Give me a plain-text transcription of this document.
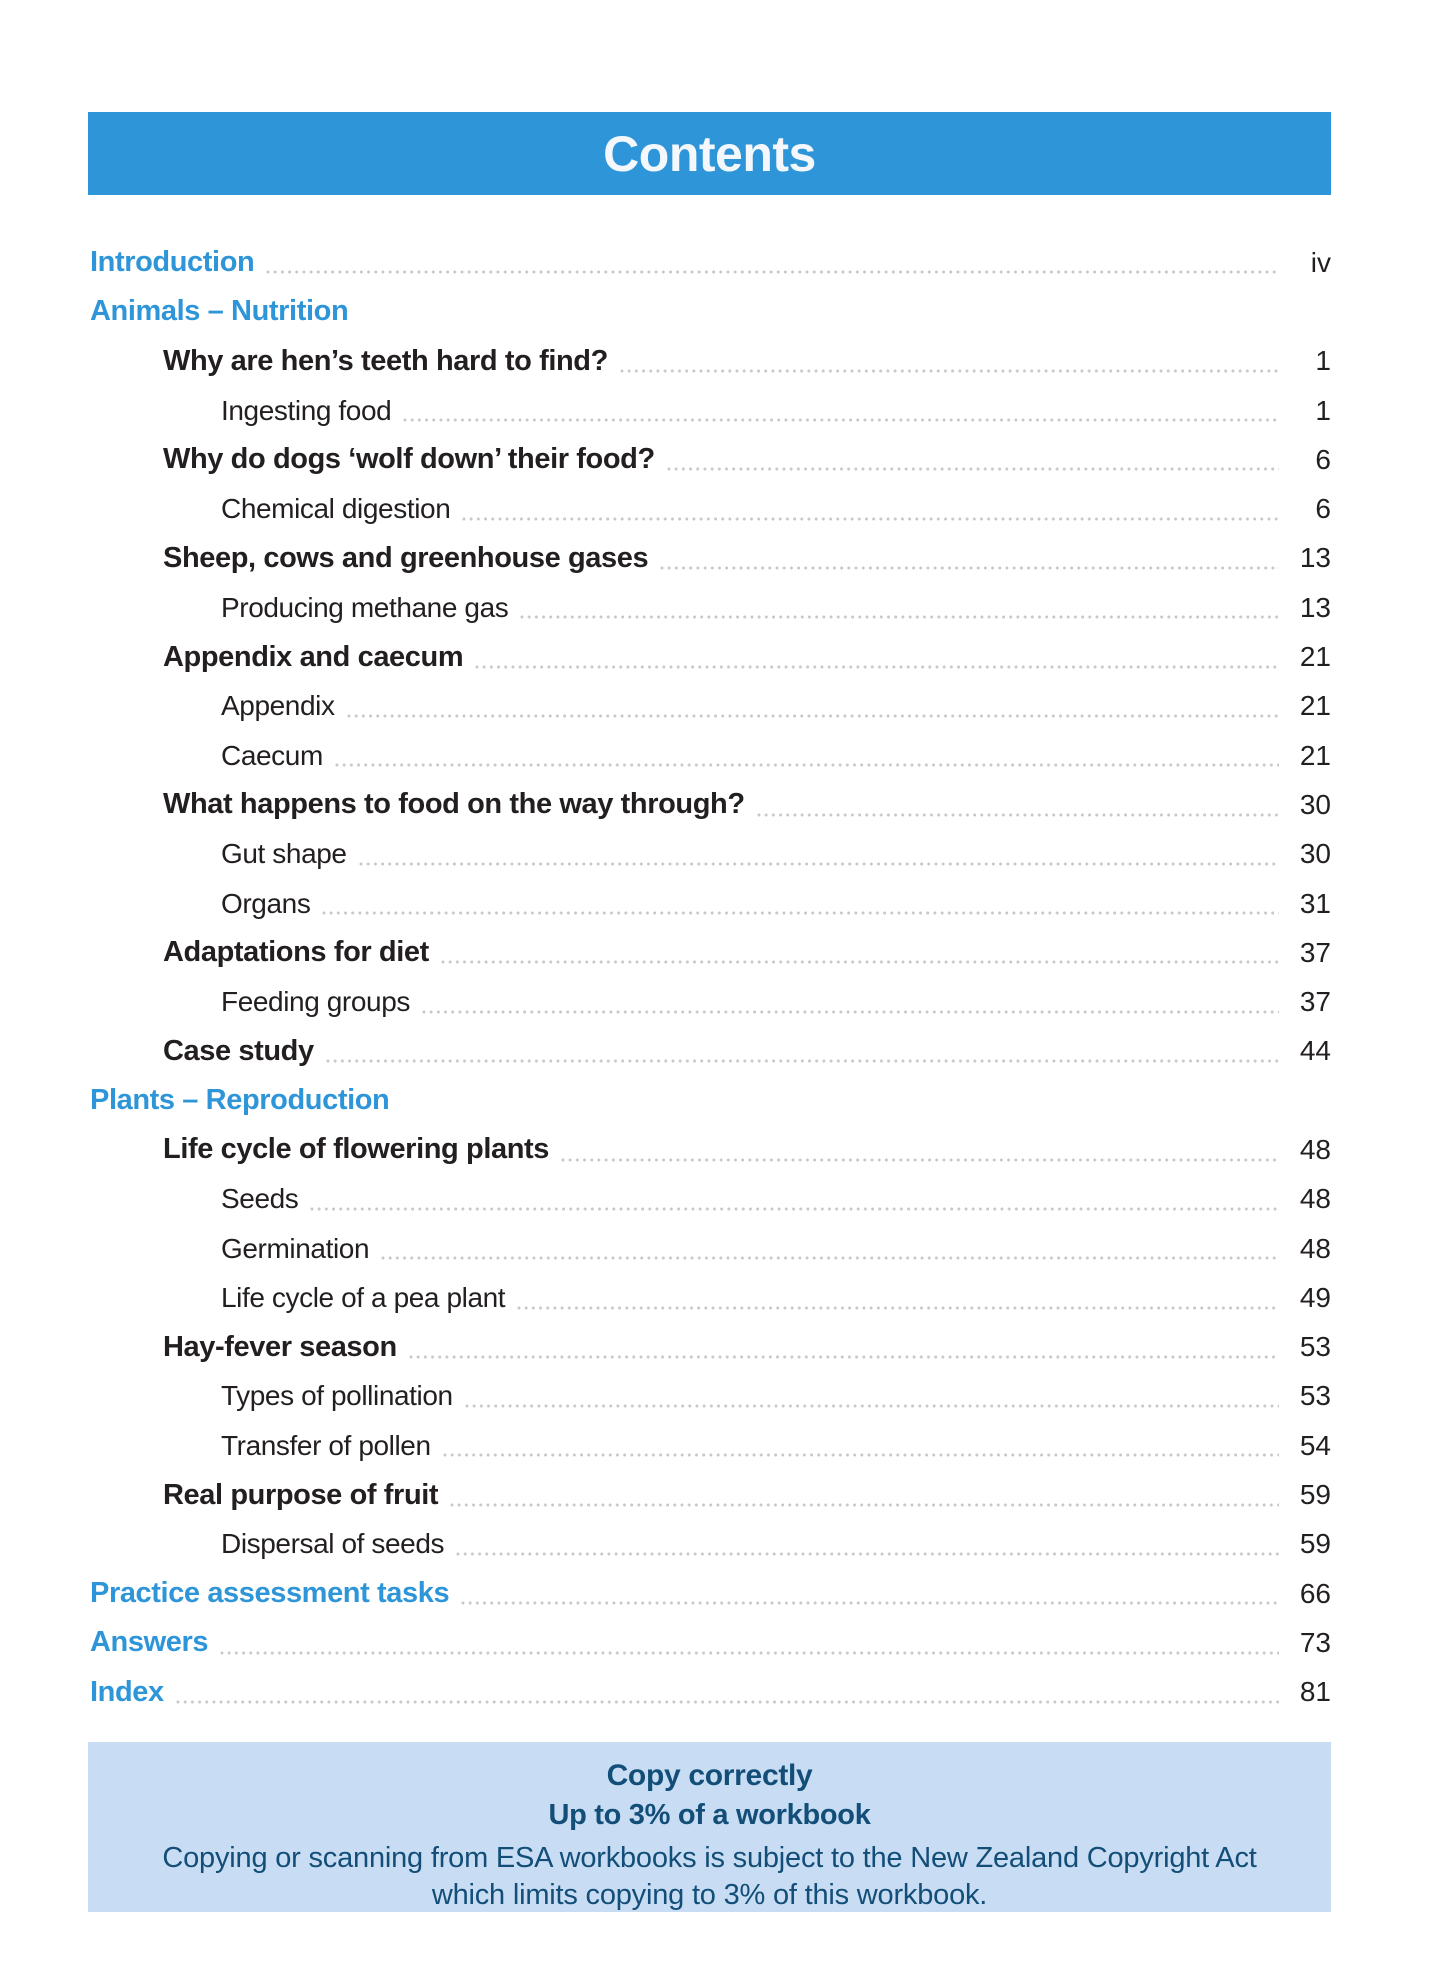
Contents
Introduction	iv
Animals – Nutrition
Why are hen’s teeth hard to find?	1
Ingesting food	1
Why do dogs ‘wolf down’ their food?	6
Chemical digestion	6
Sheep, cows and greenhouse gases	13
Producing methane gas	13
Appendix and caecum	21
Appendix	21
Caecum	21
What happens to food on the way through?	30
Gut shape	30
Organs	31
Adaptations for diet	37
Feeding groups	37
Case study	44
Plants – Reproduction
Life cycle of flowering plants	48
Seeds	48
Germination	48
Life cycle of a pea plant	49
Hay-fever season	53
Types of pollination	53
Transfer of pollen	54
Real purpose of fruit	59
Dispersal of seeds	59
Practice assessment tasks	66
Answers	73
Index	81
Copy correctly
Up to 3% of a workbook
Copying or scanning from ESA workbooks is subject to the New Zealand Copyright Act which limits copying to 3% of this workbook.
